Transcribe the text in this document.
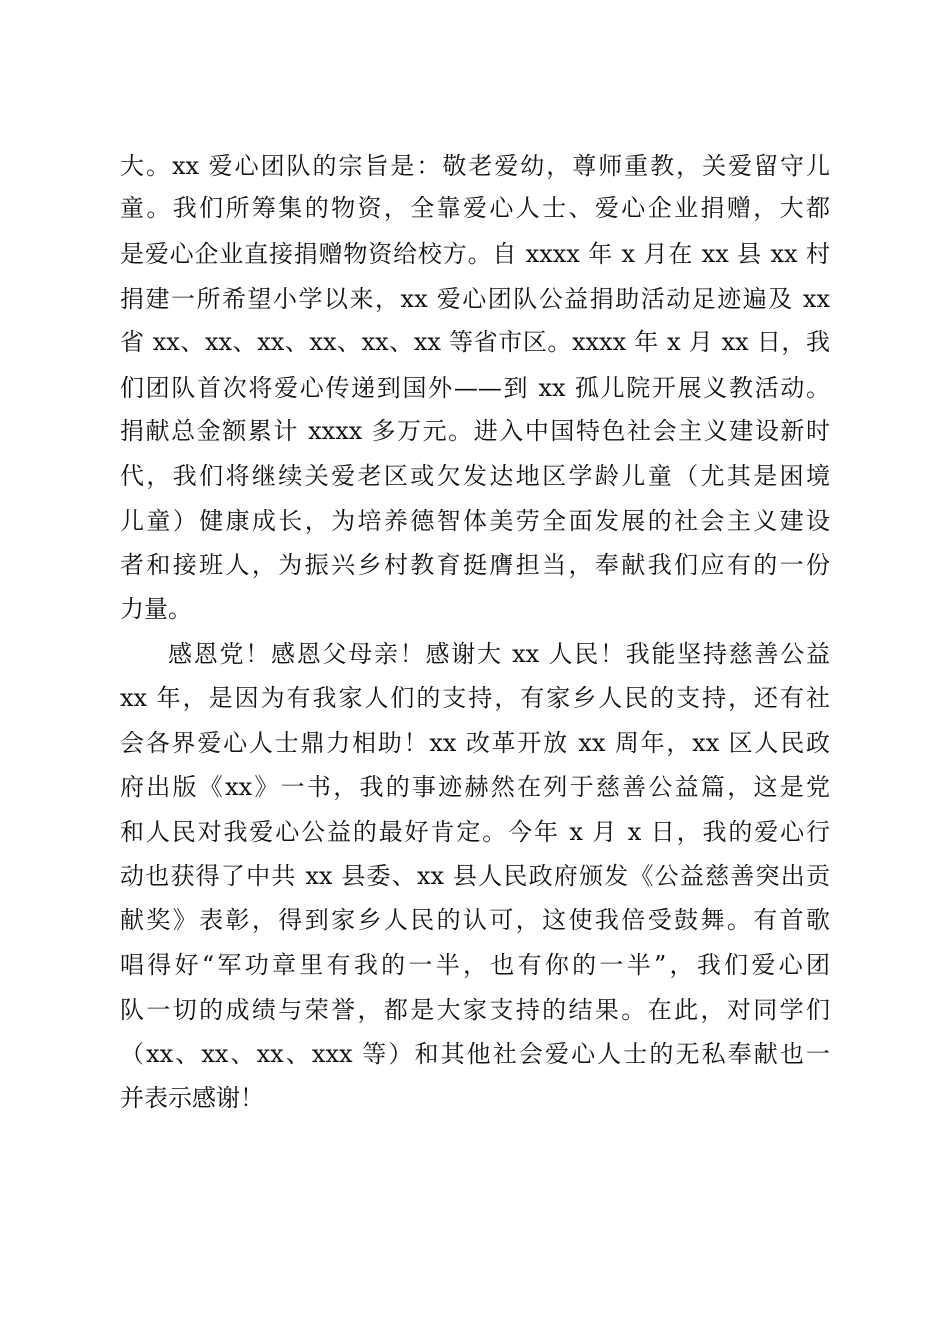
大。xx 爱心团队的宗旨是：敬老爱幼，尊师重教，关爱留守儿

童。我们所筹集的物资，全靠爱心人士、爱心企业捐赠，大都

是爱心企业直接捐赠物资给校方。自 xxxx 年 x 月在 xx 县 xx 村

捐建一所希望小学以来，xx 爱心团队公益捐助活动足迹遍及 xx

省 xx、xx、xx、xx、xx、xx 等省市区。xxxx 年 x 月 xx 日，我

们团队首次将爱心传递到国外——到 xx 孤儿院开展义教活动。

捐献总金额累计 xxxx 多万元。进入中国特色社会主义建设新时

代，我们将继续关爱老区或欠发达地区学龄儿童（尤其是困境

儿童）健康成长，为培养德智体美劳全面发展的社会主义建设

者和接班人，为振兴乡村教育挺膺担当，奉献我们应有的一份

力量。

感恩党！感恩父母亲！感谢大 xx 人民！我能坚持慈善公益

xx 年，是因为有我家人们的支持，有家乡人民的支持，还有社

会各界爱心人士鼎力相助！xx 改革开放 xx 周年，xx 区人民政

府出版《xx》一书，我的事迹赫然在列于慈善公益篇，这是党

和人民对我爱心公益的最好肯定。今年 x 月 x 日，我的爱心行

动也获得了中共 xx 县委、xx 县人民政府颁发《公益慈善突出贡

献奖》表彰，得到家乡人民的认可，这使我倍受鼓舞。有首歌

唱得好“军功章里有我的一半，也有你的一半”，我们爱心团

队一切的成绩与荣誉，都是大家支持的结果。在此，对同学们

（xx、xx、xx、xxx 等）和其他社会爱心人士的无私奉献也一

并表示感谢！
